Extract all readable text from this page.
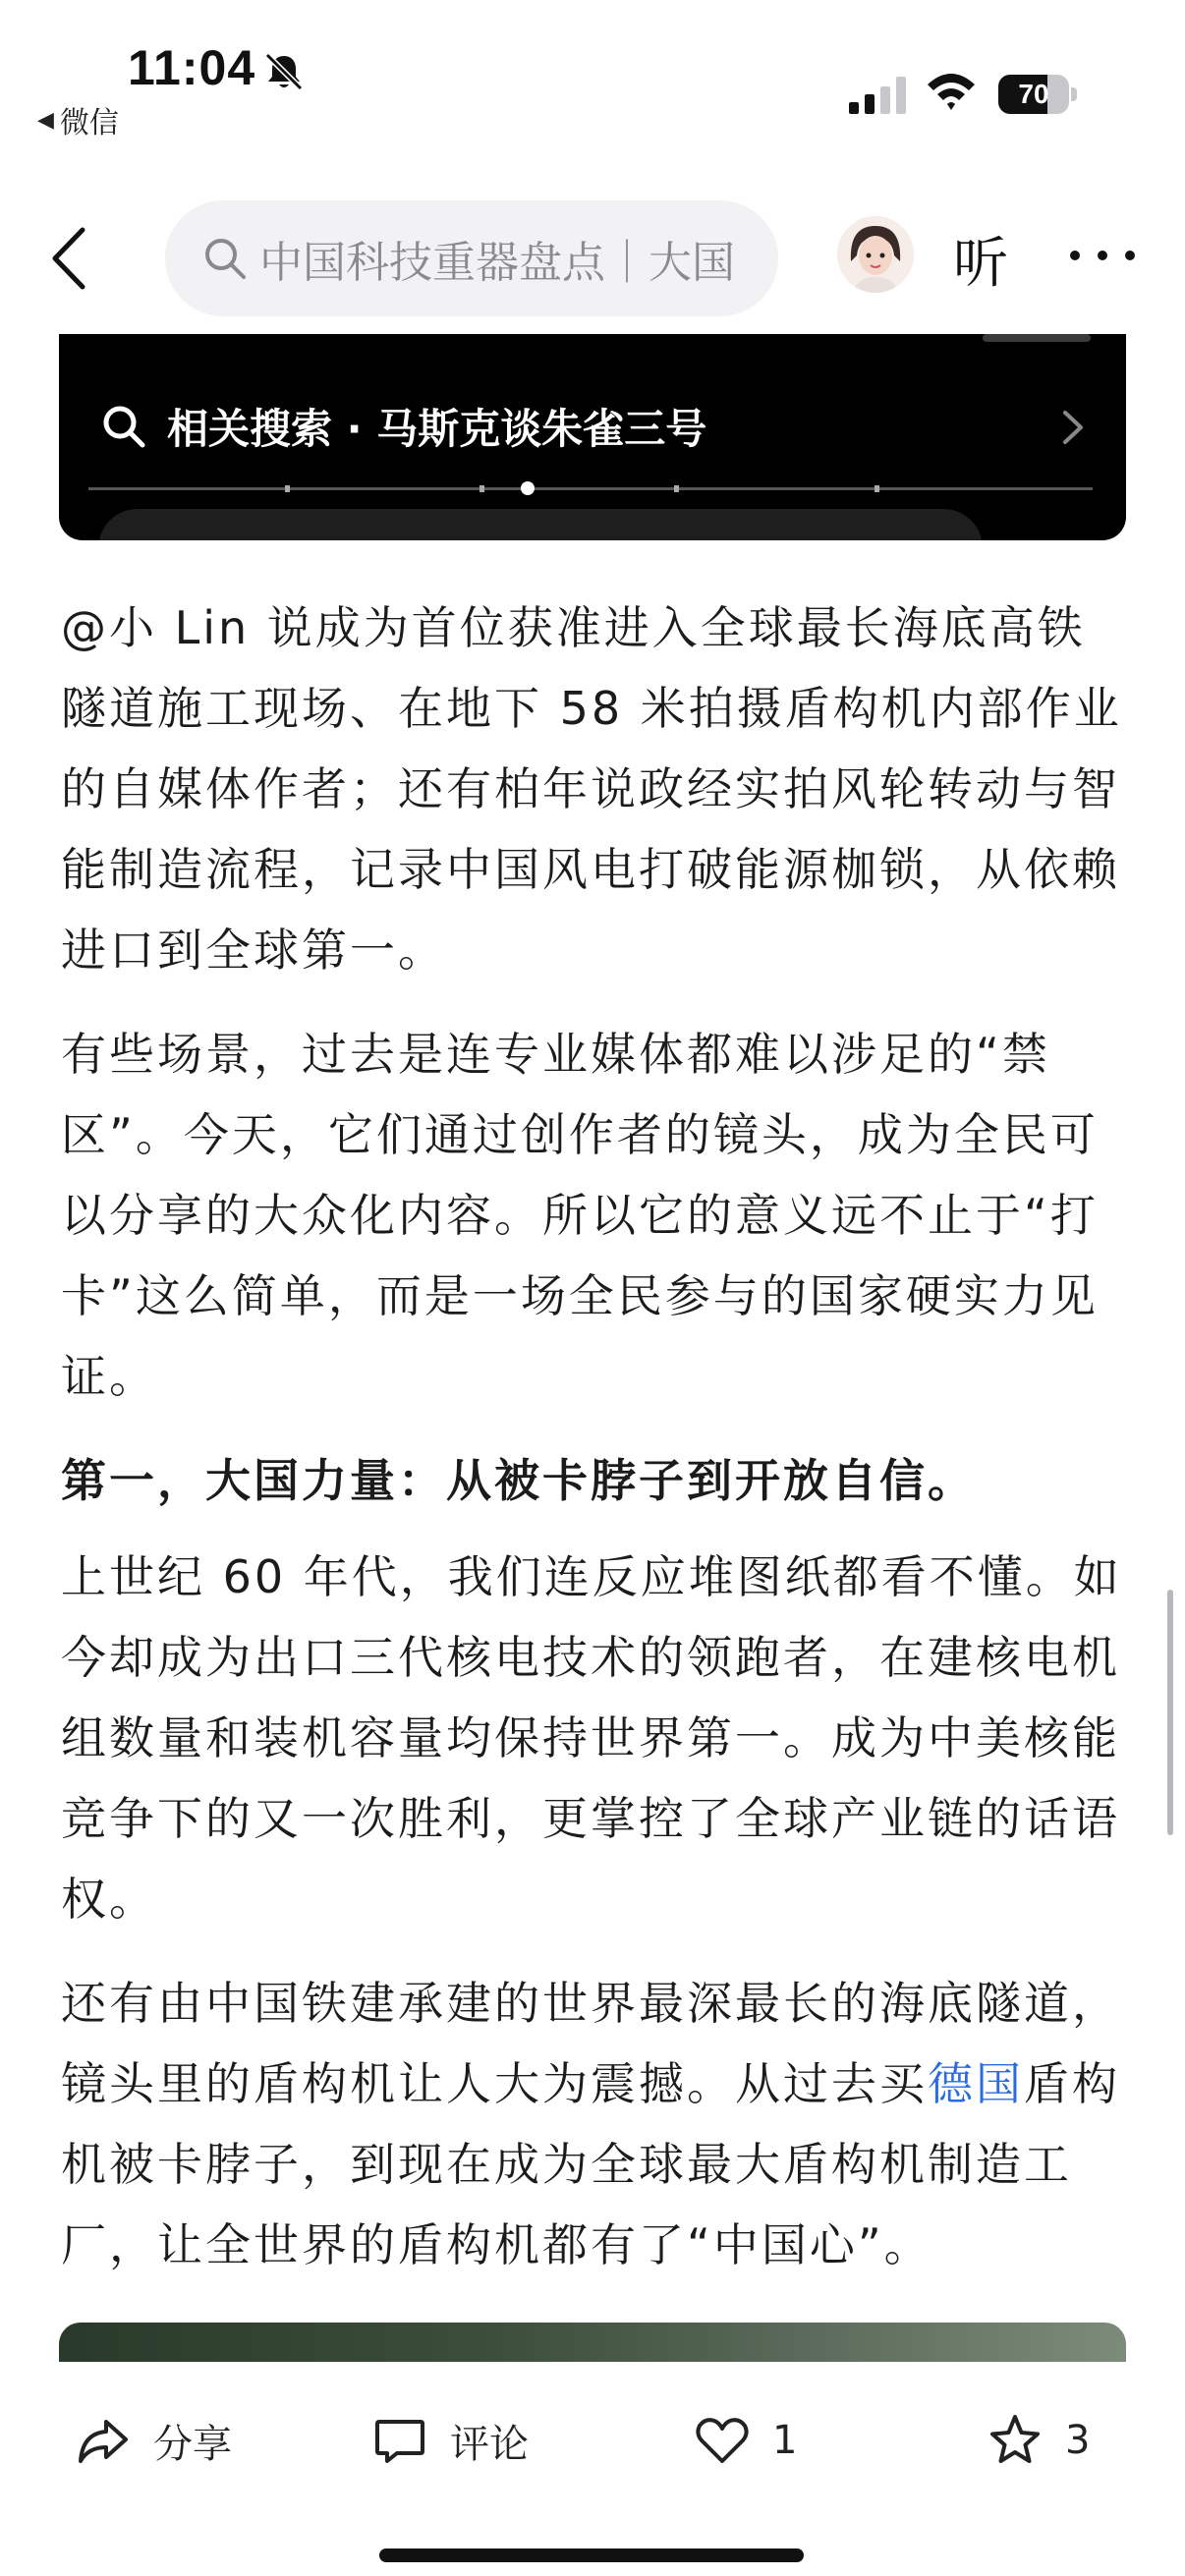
11:04
◀ 微信
70
中国科技重器盘点｜大国	听
相关搜索 · 马斯克谈朱雀三号

@小 Lin 说成为首位获准进入全球最长海底高铁隧道施工现场、在地下 58 米拍摄盾构机内部作业的自媒体作者；还有柏年说政经实拍风轮转动与智能制造流程，记录中国风电打破能源枷锁，从依赖进口到全球第一。

有些场景，过去是连专业媒体都难以涉足的“禁区”。今天，它们通过创作者的镜头，成为全民可以分享的大众化内容。所以它的意义远不止于“打卡”这么简单，而是一场全民参与的国家硬实力见证。

第一，大国力量：从被卡脖子到开放自信。

上世纪 60 年代，我们连反应堆图纸都看不懂。如今却成为出口三代核电技术的领跑者，在建核电机组数量和装机容量均保持世界第一。成为中美核能竞争下的又一次胜利，更掌控了全球产业链的话语权。

还有由中国铁建承建的世界最深最长的海底隧道，镜头里的盾构机让人大为震撼。从过去买德国盾构机被卡脖子，到现在成为全球最大盾构机制造工厂，让全世界的盾构机都有了“中国心”。

分享	评论	1	3
